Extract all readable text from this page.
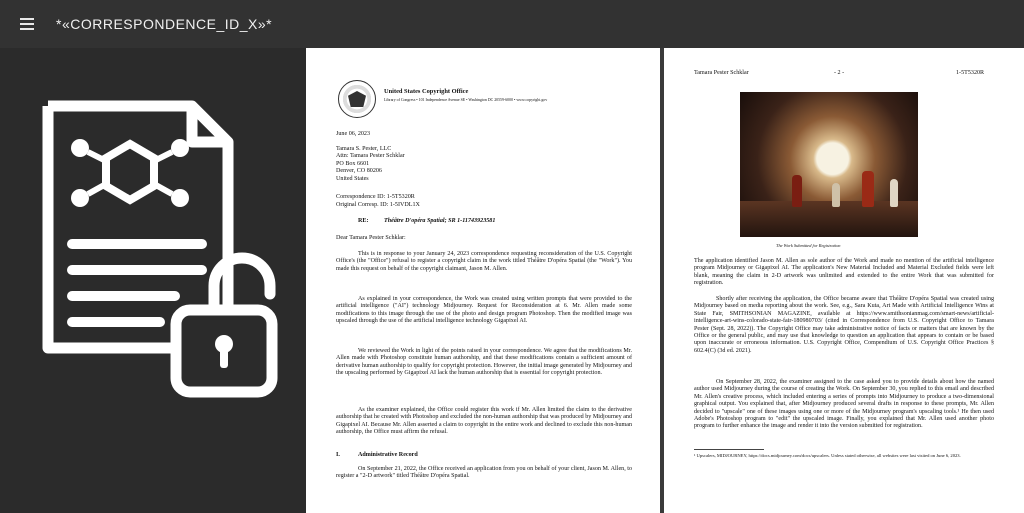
*«CORRESPONDENCE_ID_X»*
United States Copyright Office
Library of Congress • 101 Independence Avenue SE • Washington DC 20559-6000 • www.copyright.gov
June 06, 2023
Tamara S. Pester, LLC
Attn: Tamara Pester Schklar
PO Box 6601
Denver, CO 80206
United States
Correspondence ID: 1-5T5320R
Original Corresp. ID: 1-5IVDL1X
RE:	Théâtre D'opéra Spatial; SR 1-11743923581
Dear Tamara Pester Schklar:
This is in response to your January 24, 2023 correspondence requesting reconsideration of the U.S. Copyright Office's (the "Office") refusal to register a copyright claim in the work titled Théâtre D'opéra Spatial (the "Work"). You made this request on behalf of the copyright claimant, Jason M. Allen.
As explained in your correspondence, the Work was created using written prompts that were provided to the artificial intelligence ("AI") technology Midjourney. Request for Reconsideration at 6. Mr. Allen made some modifications to this image through the use of the photo and design program Photoshop. Then the modified image was upscaled through the use of the artificial intelligence technology Gigapixel AI.
We reviewed the Work in light of the points raised in your correspondence. We agree that the modifications Mr. Allen made with Photoshop constitute human authorship, and that these modifications contain a sufficient amount of derivative human authorship to qualify for copyright protection. However, the initial image generated by Midjourney and the upscaling performed by Gigapixel AI lack the human authorship that is essential for copyright protection.
As the examiner explained, the Office could register this work if Mr. Allen limited the claim to the derivative authorship that he created with Photoshop and excluded the non-human authorship that was produced by Midjourney and Gigapixel AI. Because Mr. Allen asserted a claim to copyright in the entire work and declined to exclude this non-human authorship, the Office must affirm the refusal.
I.	Administrative Record
On September 21, 2022, the Office received an application from you on behalf of your client, Jason M. Allen, to register a "2-D artwork" titled Théâtre D'opéra Spatial.
Tamara Pester Schklar	- 2 -	1-5T5320R
The Work Submitted for Registration
The application identified Jason M. Allen as sole author of the Work and made no mention of the artificial intelligence program Midjourney or Gigapixel AI. The application's New Material Included and Material Excluded fields were left blank, meaning the claim in 2-D artwork was unlimited and extended to the entire Work that was submitted for registration.
Shortly after receiving the application, the Office became aware that Théâtre D'opéra Spatial was created using Midjourney based on media reporting about the work. See, e.g., Sara Kuta, Art Made with Artificial Intelligence Wins at State Fair, SMITHSONIAN MAGAZINE, available at https://www.smithsonianmag.com/smart-news/artificial-intelligence-art-wins-colorado-state-fair-180980703/ (cited in Correspondence from U.S. Copyright Office to Tamara Pester (Sept. 28, 2022)). The Copyright Office may take administrative notice of facts or matters that are known by the Office or the general public, and may use that knowledge to question an application that appears to contain or be based upon inaccurate or erroneous information. U.S. Copyright Office, Compendium of U.S. Copyright Office Practices § 602.4(C) (3d ed. 2021).
On September 28, 2022, the examiner assigned to the case asked you to provide details about how the named author used Midjourney during the course of creating the Work. On September 30, you replied to this email and described Mr. Allen's creative process, which included entering a series of prompts into Midjourney to produce a two-dimensional graphical output. You explained that, after Midjourney produced several drafts in response to these prompts, Mr. Allen decided to "upscale" one of these images using one or more of the Midjourney program's upscaling tools.¹ He then used Adobe's Photoshop program to "edit" the upscaled image. Finally, you explained that Mr. Allen used another photo program to further enhance the image and render it into the version submitted for registration.
¹ Upscalers, MIDJOURNEY, https://docs.midjourney.com/docs/upscalers. Unless stated otherwise, all websites were last visited on June 6, 2023.
